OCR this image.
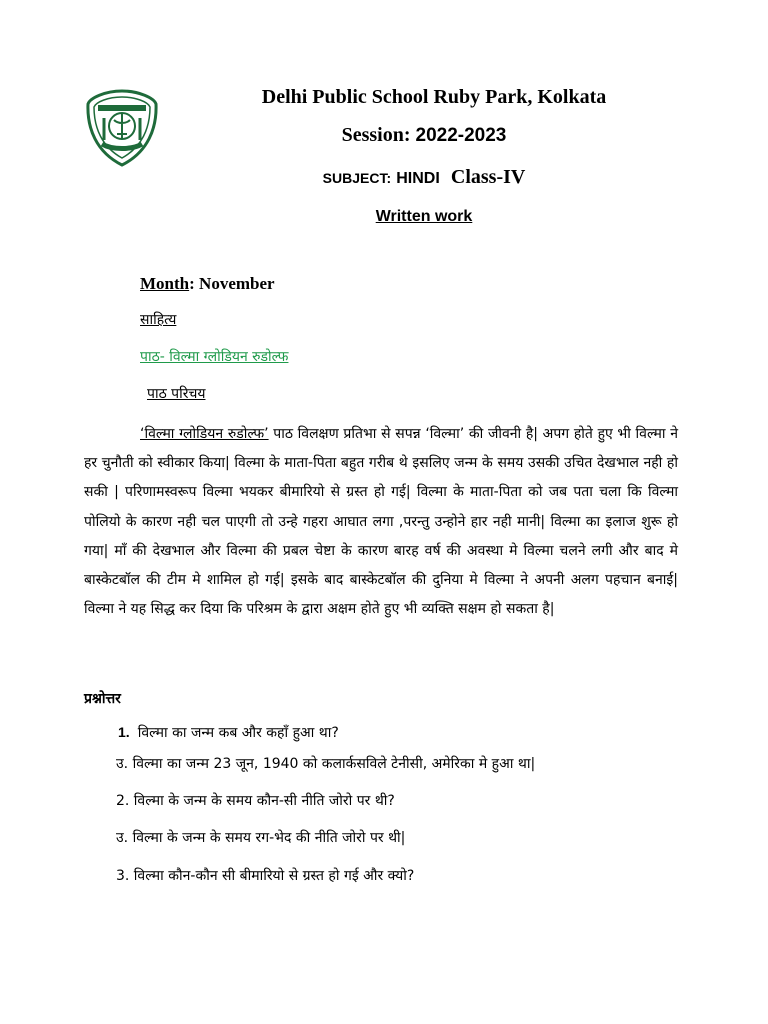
Delhi Public School Ruby Park, Kolkata
Session: 2022-2023
SUBJECT: HINDI Class-IV
Written work
Month: November
साहित्य
पाठ- विल्मा ग्लोडियन रुडोल्फ
पाठ परिचय

‘विल्मा ग्लोडियन रुडोल्फ’ पाठ विलक्षण प्रतिभा से सपन्न ‘विल्मा’ की जीवनी है| अपग होते हुए भी विल्मा ने हर चुनौती को स्वीकार किया| विल्मा के माता-पिता बहुत गरीब थे इसलिए जन्म के समय उसकी उचित देखभाल नही हो सकी | परिणामस्वरूप विल्मा भयकर बीमारियो से ग्रस्त हो गई| विल्मा के माता-पिता को जब पता चला कि विल्मा पोलियो के कारण नही चल पाएगी तो उन्हे गहरा आघात लगा ,परन्तु उन्होने हार नही मानी| विल्मा का इलाज शुरू हो गया| माँ की देखभाल और विल्मा की प्रबल चेष्टा के कारण बारह वर्ष की अवस्था मे विल्मा चलने लगी और बाद मे बास्केटबॉल की टीम मे शामिल हो गई| इसके बाद बास्केटबॉल की दुनिया मे विल्मा ने अपनी अलग पहचान बनाई| विल्मा ने यह सिद्ध कर दिया कि परिश्रम के द्वारा अक्षम होते हुए भी व्यक्ति सक्षम हो सकता है|

प्रश्नोत्तर
1. विल्मा का जन्म कब और कहाँ हुआ था?
उ. विल्मा का जन्म 23 जून, 1940 को कलार्कसविले टेनीसी, अमेरिका मे हुआ था|
2. विल्मा के जन्म के समय कौन-सी नीति जोरो पर थी?
उ. विल्मा के जन्म के समय रग-भेद की नीति जोरो पर थी|
3. विल्मा कौन-कौन सी बीमारियो से ग्रस्त हो गई और क्यो?
